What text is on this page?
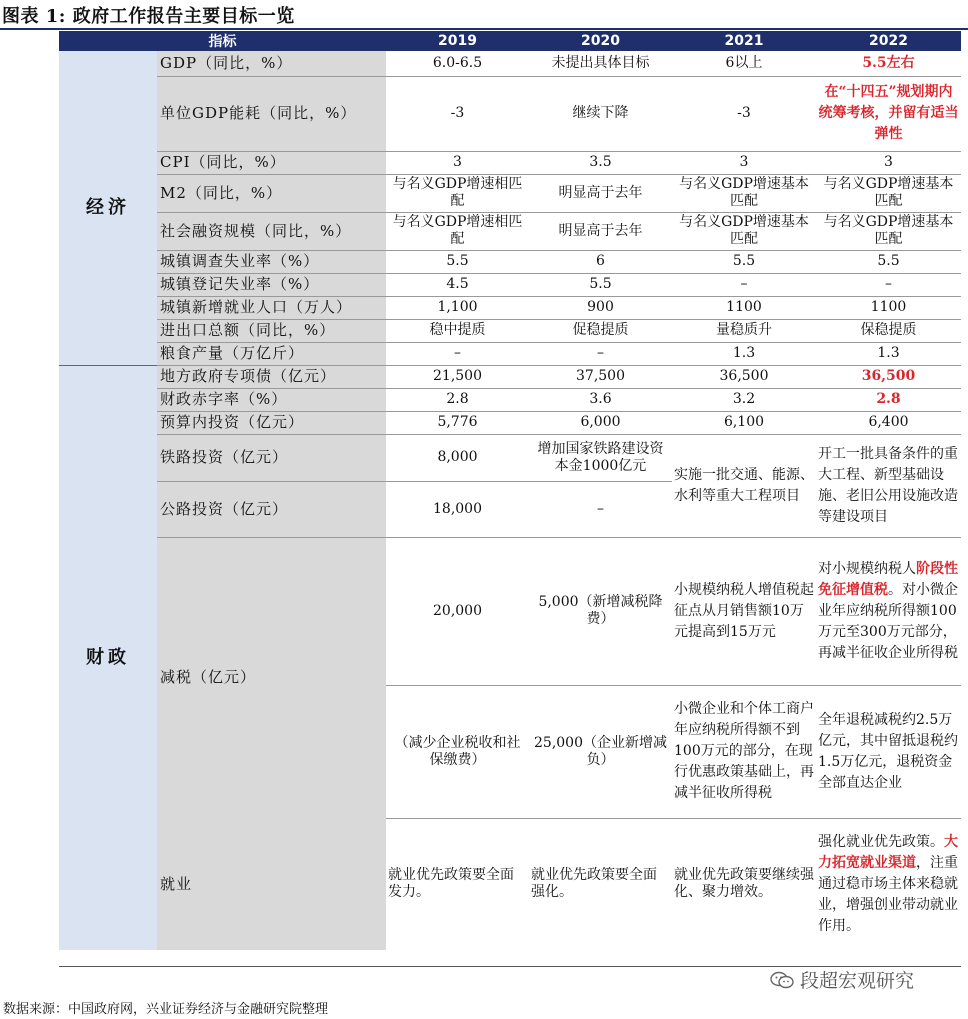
图表 1: 政府工作报告主要目标一览
指标		2019	2020	2021	2022
经济	GDP（同比，%）	6.0-6.5	未提出具体目标	6以上	5.5左右
	单位GDP能耗（同比，%）	-3	继续下降	-3	在“十四五”规划期内统筹考核，并留有适当弹性
	CPI（同比，%）	3	3.5	3	3
	M2（同比，%）	与名义GDP增速相匹配	明显高于去年	与名义GDP增速基本匹配	与名义GDP增速基本匹配
	社会融资规模（同比，%）	与名义GDP增速相匹配	明显高于去年	与名义GDP增速基本匹配	与名义GDP增速基本匹配
	城镇调查失业率（%）	5.5	6	5.5	5.5
	城镇登记失业率（%）	4.5	5.5	–	–
	城镇新增就业人口（万人）	1,100	900	1100	1100
	进出口总额（同比，%）	稳中提质	促稳提质	量稳质升	保稳提质
	粮食产量（万亿斤）	–	–	1.3	1.3
财政	地方政府专项债（亿元）	21,500	37,500	36,500	36,500
	财政赤字率（%）	2.8	3.6	3.2	2.8
	预算内投资（亿元）	5,776	6,000	6,100	6,400
	铁路投资（亿元）	8,000	增加国家铁路建设资本金1000亿元	实施一批交通、能源、水利等重大工程项目	开工一批具备条件的重大工程、新型基础设施、老旧公用设施改造等建设项目
	公路投资（亿元）	18,000	–		
	减税（亿元）	20,000	5,000（新增减税降费）	小规模纳税人增值税起征点从月销售额10万元提高到15万元	对小规模纳税人阶段性免征增值税。对小微企业年应纳税所得额100万元至300万元部分，再减半征收企业所得税
		（减少企业税收和社保缴费）	25,000（企业新增减负）	小微企业和个体工商户年应纳税所得额不到100万元的部分，在现行优惠政策基础上，再减半征收所得税	全年退税减税约2.5万亿元，其中留抵退税约1.5万亿元，退税资金全部直达企业
	就业	就业优先政策要全面发力。	就业优先政策要全面强化。	就业优先政策要继续强化、聚力增效。	强化就业优先政策。大力拓宽就业渠道，注重通过稳市场主体来稳就业，增强创业带动就业作用。
段超宏观研究
数据来源：中国政府网，兴业证券经济与金融研究院整理
